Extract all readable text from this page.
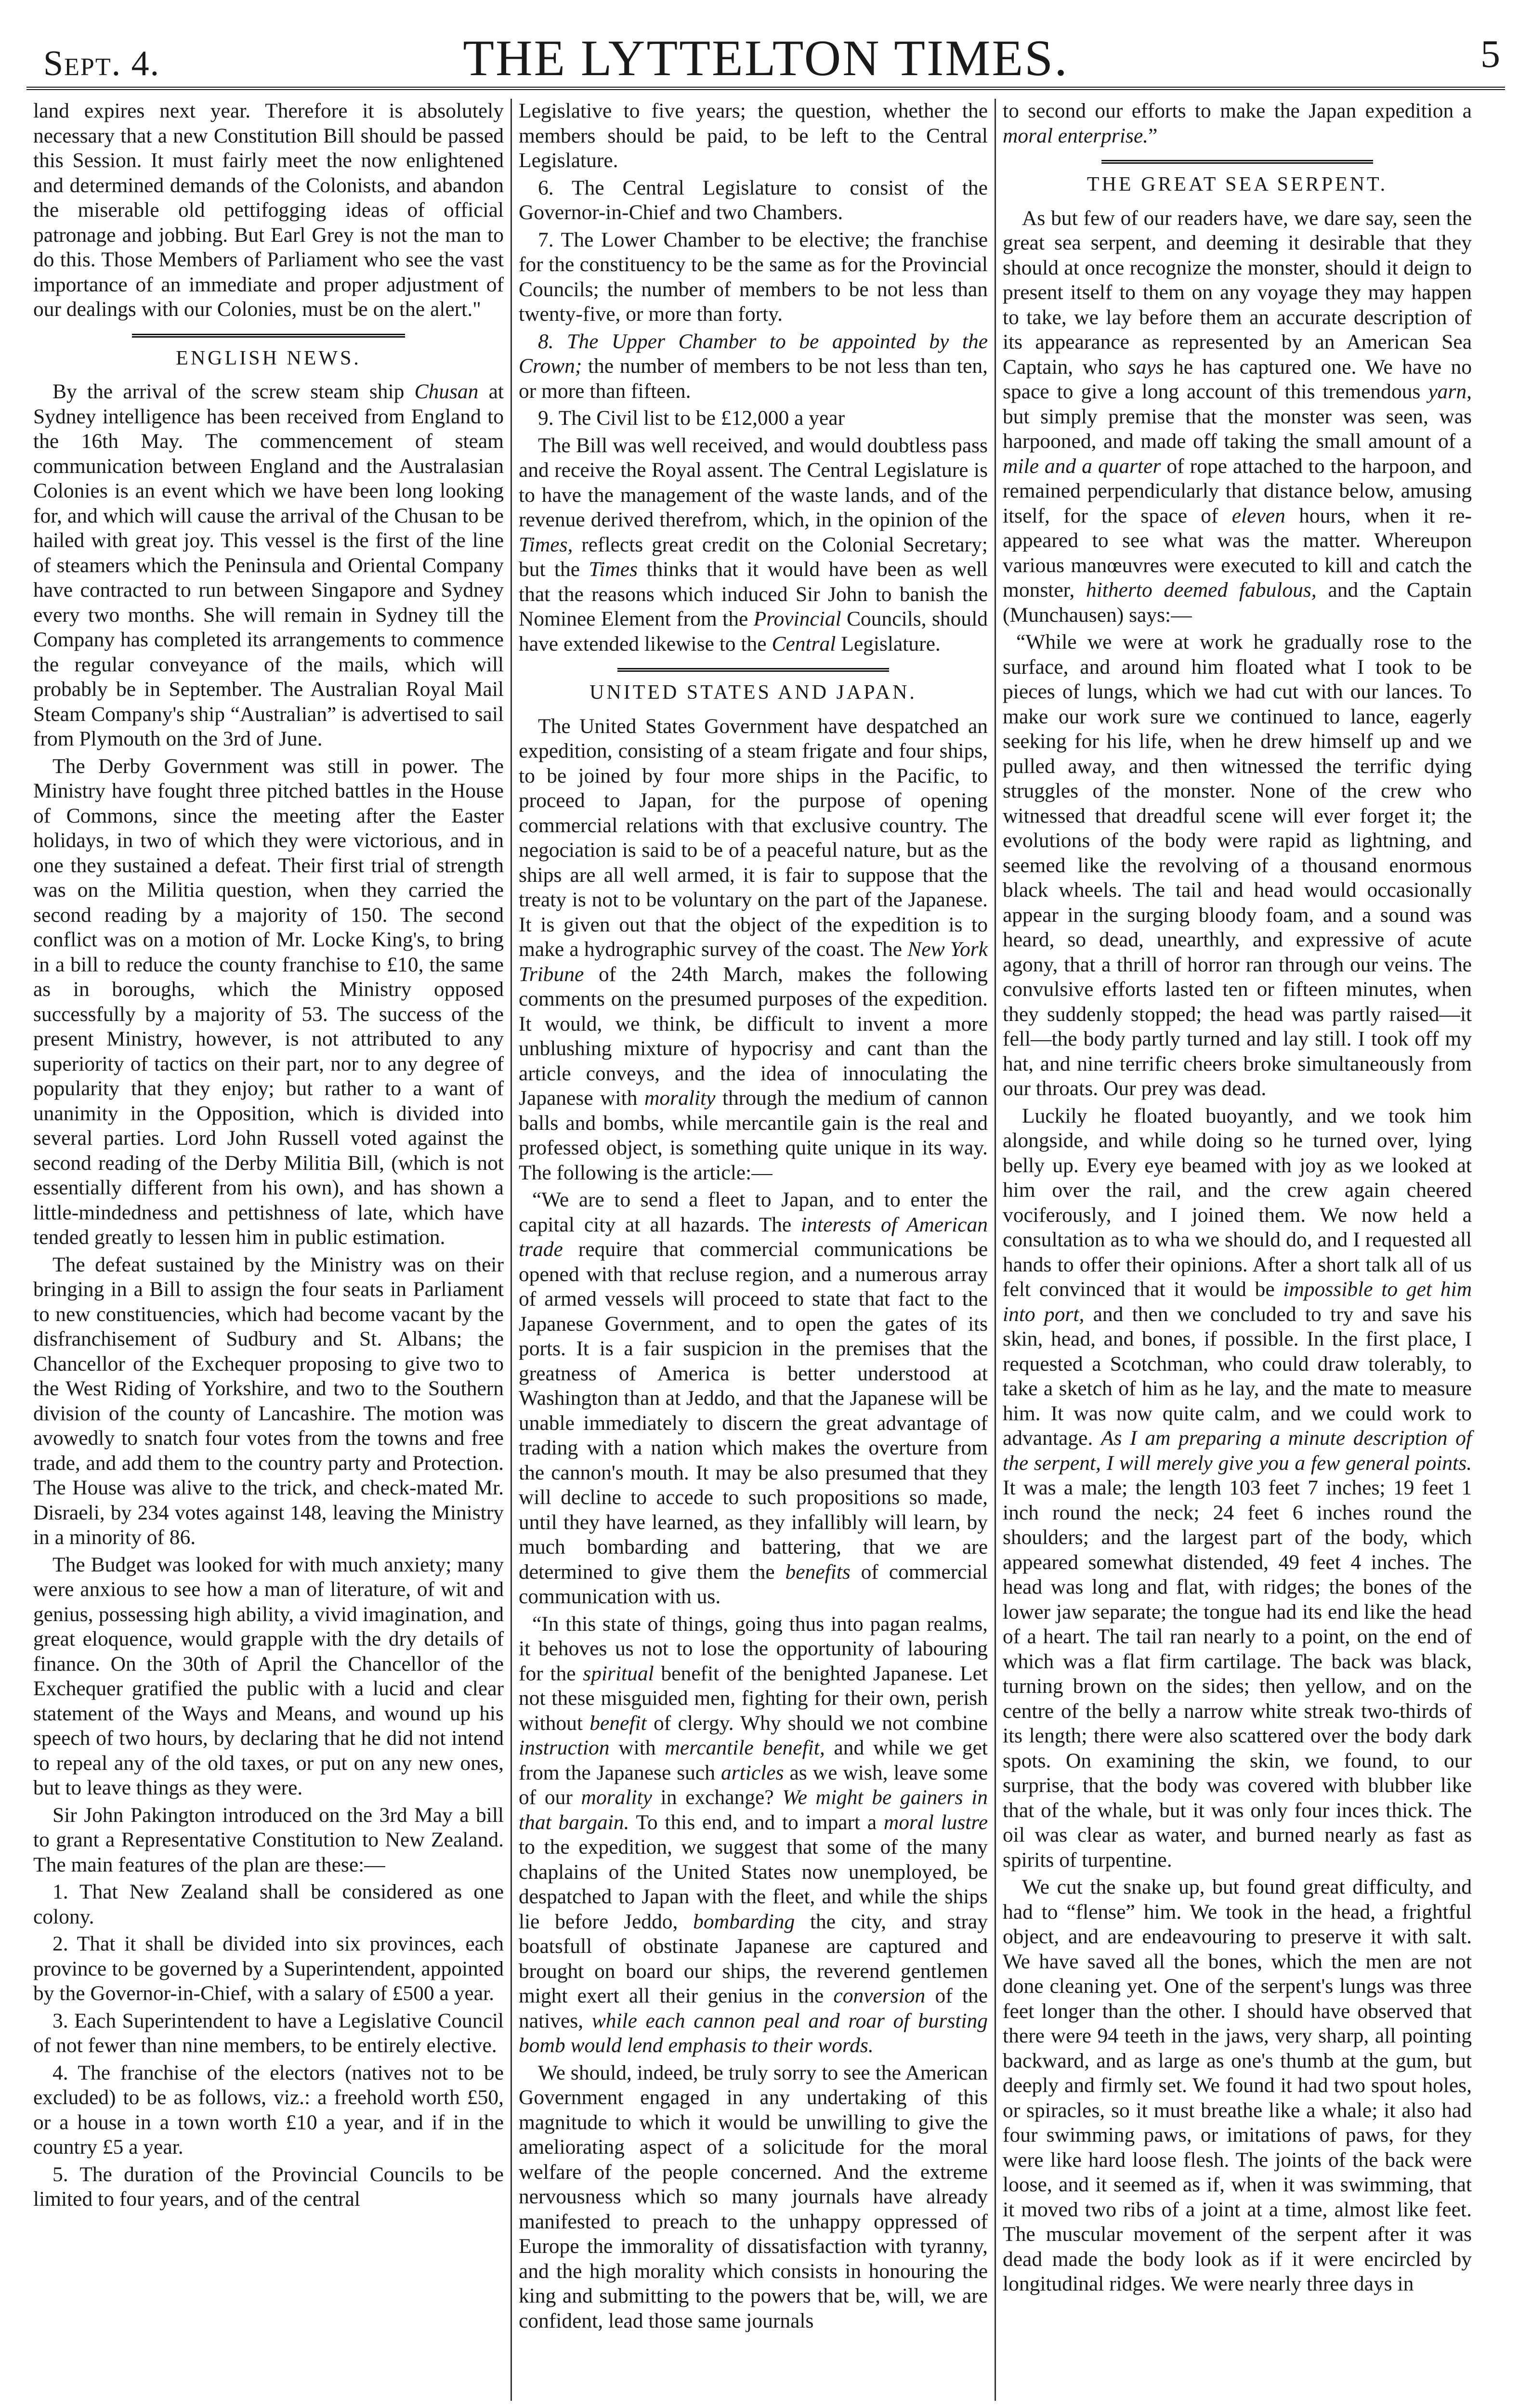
Sept. 4.	THE LYTTELTON TIMES.	5

land expires next year. Therefore it is absolutely necessary that a new Constitution Bill should be passed this Session. It must fairly meet the now enlightened and determined demands of the Colonists, and abandon the miserable old pettifogging ideas of official patronage and jobbing. But Earl Grey is not the man to do this. Those Members of Parliament who see the vast importance of an immediate and proper adjustment of our dealings with our Colonies, must be on the alert."

ENGLISH NEWS.

By the arrival of the screw steam ship Chusan at Sydney intelligence has been received from England to the 16th May. The commencement of steam communication between England and the Australasian Colonies is an event which we have been long looking for, and which will cause the arrival of the Chusan to be hailed with great joy. This vessel is the first of the line of steamers which the Peninsula and Oriental Company have contracted to run between Singapore and Sydney every two months. She will remain in Sydney till the Company has completed its arrangements to commence the regular conveyance of the mails, which will probably be in September. The Australian Royal Mail Steam Company's ship “Australian” is advertised to sail from Plymouth on the 3rd of June.

The Derby Government was still in power. The Ministry have fought three pitched battles in the House of Commons, since the meeting after the Easter holidays, in two of which they were victorious, and in one they sustained a defeat. Their first trial of strength was on the Militia question, when they carried the second reading by a majority of 150. The second conflict was on a motion of Mr. Locke King's, to bring in a bill to reduce the county franchise to £10, the same as in boroughs, which the Ministry opposed successfully by a majority of 53. The success of the present Ministry, however, is not attributed to any superiority of tactics on their part, nor to any degree of popularity that they enjoy; but rather to a want of unanimity in the Opposition, which is divided into several parties. Lord John Russell voted against the second reading of the Derby Militia Bill, (which is not essentially different from his own), and has shown a little-mindedness and pettishness of late, which have tended greatly to lessen him in public estimation.

The defeat sustained by the Ministry was on their bringing in a Bill to assign the four seats in Parliament to new constituencies, which had become vacant by the disfranchisement of Sudbury and St. Albans; the Chancellor of the Exchequer proposing to give two to the West Riding of Yorkshire, and two to the Southern division of the county of Lancashire. The motion was avowedly to snatch four votes from the towns and free trade, and add them to the country party and Protection. The House was alive to the trick, and check-mated Mr. Disraeli, by 234 votes against 148, leaving the Ministry in a minority of 86.

The Budget was looked for with much anxiety; many were anxious to see how a man of literature, of wit and genius, possessing high ability, a vivid imagination, and great eloquence, would grapple with the dry details of finance. On the 30th of April the Chancellor of the Exchequer gratified the public with a lucid and clear statement of the Ways and Means, and wound up his speech of two hours, by declaring that he did not intend to repeal any of the old taxes, or put on any new ones, but to leave things as they were.

Sir John Pakington introduced on the 3rd May a bill to grant a Representative Constitution to New Zealand. The main features of the plan are these:—

1. That New Zealand shall be considered as one colony.

2. That it shall be divided into six provinces, each province to be governed by a Superintendent, appointed by the Governor-in-Chief, with a salary of £500 a year.

3. Each Superintendent to have a Legislative Council of not fewer than nine members, to be entirely elective.

4. The franchise of the electors (natives not to be excluded) to be as follows, viz.: a freehold worth £50, or a house in a town worth £10 a year, and if in the country £5 a year.

5. The duration of the Provincial Councils to be limited to four years, and of the central

Legislative to five years; the question, whether the members should be paid, to be left to the Central Legislature.

6. The Central Legislature to consist of the Governor-in-Chief and two Chambers.

7. The Lower Chamber to be elective; the franchise for the constituency to be the same as for the Provincial Councils; the number of members to be not less than twenty-five, or more than forty.

8. The Upper Chamber to be appointed by the Crown; the number of members to be not less than ten, or more than fifteen.

9. The Civil list to be £12,000 a year

The Bill was well received, and would doubtless pass and receive the Royal assent. The Central Legislature is to have the management of the waste lands, and of the revenue derived therefrom, which, in the opinion of the Times, reflects great credit on the Colonial Secretary; but the Times thinks that it would have been as well that the reasons which induced Sir John to banish the Nominee Element from the Provincial Councils, should have extended likewise to the Central Legislature.

UNITED STATES AND JAPAN.

The United States Government have despatched an expedition, consisting of a steam frigate and four ships, to be joined by four more ships in the Pacific, to proceed to Japan, for the purpose of opening commercial relations with that exclusive country. The negociation is said to be of a peaceful nature, but as the ships are all well armed, it is fair to suppose that the treaty is not to be voluntary on the part of the Japanese. It is given out that the object of the expedition is to make a hydrographic survey of the coast. The New York Tribune of the 24th March, makes the following comments on the presumed purposes of the expedition. It would, we think, be difficult to invent a more unblushing mixture of hypocrisy and cant than the article conveys, and the idea of innoculating the Japanese with morality through the medium of cannon balls and bombs, while mercantile gain is the real and professed object, is something quite unique in its way. The following is the article:—

“We are to send a fleet to Japan, and to enter the capital city at all hazards. The interests of American trade require that commercial communications be opened with that recluse region, and a numerous array of armed vessels will proceed to state that fact to the Japanese Government, and to open the gates of its ports. It is a fair suspicion in the premises that the greatness of America is better understood at Washington than at Jeddo, and that the Japanese will be unable immediately to discern the great advantage of trading with a nation which makes the overture from the cannon's mouth. It may be also presumed that they will decline to accede to such propositions so made, until they have learned, as they infallibly will learn, by much bombarding and battering, that we are determined to give them the benefits of commercial communication with us.

“In this state of things, going thus into pagan realms, it behoves us not to lose the opportunity of labouring for the spiritual benefit of the benighted Japanese. Let not these misguided men, fighting for their own, perish without benefit of clergy. Why should we not combine instruction with mercantile benefit, and while we get from the Japanese such articles as we wish, leave some of our morality in exchange? We might be gainers in that bargain. To this end, and to impart a moral lustre to the expedition, we suggest that some of the many chaplains of the United States now unemployed, be despatched to Japan with the fleet, and while the ships lie before Jeddo, bombarding the city, and stray boatsfull of obstinate Japanese are captured and brought on board our ships, the reverend gentlemen might exert all their genius in the conversion of the natives, while each cannon peal and roar of bursting bomb would lend emphasis to their words.

We should, indeed, be truly sorry to see the American Government engaged in any undertaking of this magnitude to which it would be unwilling to give the ameliorating aspect of a solicitude for the moral welfare of the people concerned. And the extreme nervousness which so many journals have already manifested to preach to the unhappy oppressed of Europe the immorality of dissatisfaction with tyranny, and the high morality which consists in honouring the king and submitting to the powers that be, will, we are confident, lead those same journals

to second our efforts to make the Japan expedition a moral enterprise.”

THE GREAT SEA SERPENT.

As but few of our readers have, we dare say, seen the great sea serpent, and deeming it desirable that they should at once recognize the monster, should it deign to present itself to them on any voyage they may happen to take, we lay before them an accurate description of its appearance as represented by an American Sea Captain, who says he has captured one. We have no space to give a long account of this tremendous yarn, but simply premise that the monster was seen, was harpooned, and made off taking the small amount of a mile and a quarter of rope attached to the harpoon, and remained perpendicularly that distance below, amusing itself, for the space of eleven hours, when it re-appeared to see what was the matter. Whereupon various manœuvres were executed to kill and catch the monster, hitherto deemed fabulous, and the Captain (Munchausen) says:—

“While we were at work he gradually rose to the surface, and around him floated what I took to be pieces of lungs, which we had cut with our lances. To make our work sure we continued to lance, eagerly seeking for his life, when he drew himself up and we pulled away, and then witnessed the terrific dying struggles of the monster. None of the crew who witnessed that dreadful scene will ever forget it; the evolutions of the body were rapid as lightning, and seemed like the revolving of a thousand enormous black wheels. The tail and head would occasionally appear in the surging bloody foam, and a sound was heard, so dead, unearthly, and expressive of acute agony, that a thrill of horror ran through our veins. The convulsive efforts lasted ten or fifteen minutes, when they suddenly stopped; the head was partly raised—it fell—the body partly turned and lay still. I took off my hat, and nine terrific cheers broke simultaneously from our throats. Our prey was dead.

Luckily he floated buoyantly, and we took him alongside, and while doing so he turned over, lying belly up. Every eye beamed with joy as we looked at him over the rail, and the crew again cheered vociferously, and I joined them. We now held a consultation as to wha we should do, and I requested all hands to offer their opinions. After a short talk all of us felt convinced that it would be impossible to get him into port, and then we concluded to try and save his skin, head, and bones, if possible. In the first place, I requested a Scotchman, who could draw tolerably, to take a sketch of him as he lay, and the mate to measure him. It was now quite calm, and we could work to advantage. As I am preparing a minute description of the serpent, I will merely give you a few general points. It was a male; the length 103 feet 7 inches; 19 feet 1 inch round the neck; 24 feet 6 inches round the shoulders; and the largest part of the body, which appeared somewhat distended, 49 feet 4 inches. The head was long and flat, with ridges; the bones of the lower jaw separate; the tongue had its end like the head of a heart. The tail ran nearly to a point, on the end of which was a flat firm cartilage. The back was black, turning brown on the sides; then yellow, and on the centre of the belly a narrow white streak two-thirds of its length; there were also scattered over the body dark spots. On examining the skin, we found, to our surprise, that the body was covered with blubber like that of the whale, but it was only four inces thick. The oil was clear as water, and burned nearly as fast as spirits of turpentine.

We cut the snake up, but found great difficulty, and had to “flense” him. We took in the head, a frightful object, and are endeavouring to preserve it with salt. We have saved all the bones, which the men are not done cleaning yet. One of the serpent's lungs was three feet longer than the other. I should have observed that there were 94 teeth in the jaws, very sharp, all pointing backward, and as large as one's thumb at the gum, but deeply and firmly set. We found it had two spout holes, or spiracles, so it must breathe like a whale; it also had four swimming paws, or imitations of paws, for they were like hard loose flesh. The joints of the back were loose, and it seemed as if, when it was swimming, that it moved two ribs of a joint at a time, almost like feet. The muscular movement of the serpent after it was dead made the body look as if it were encircled by longitudinal ridges. We were nearly three days in
